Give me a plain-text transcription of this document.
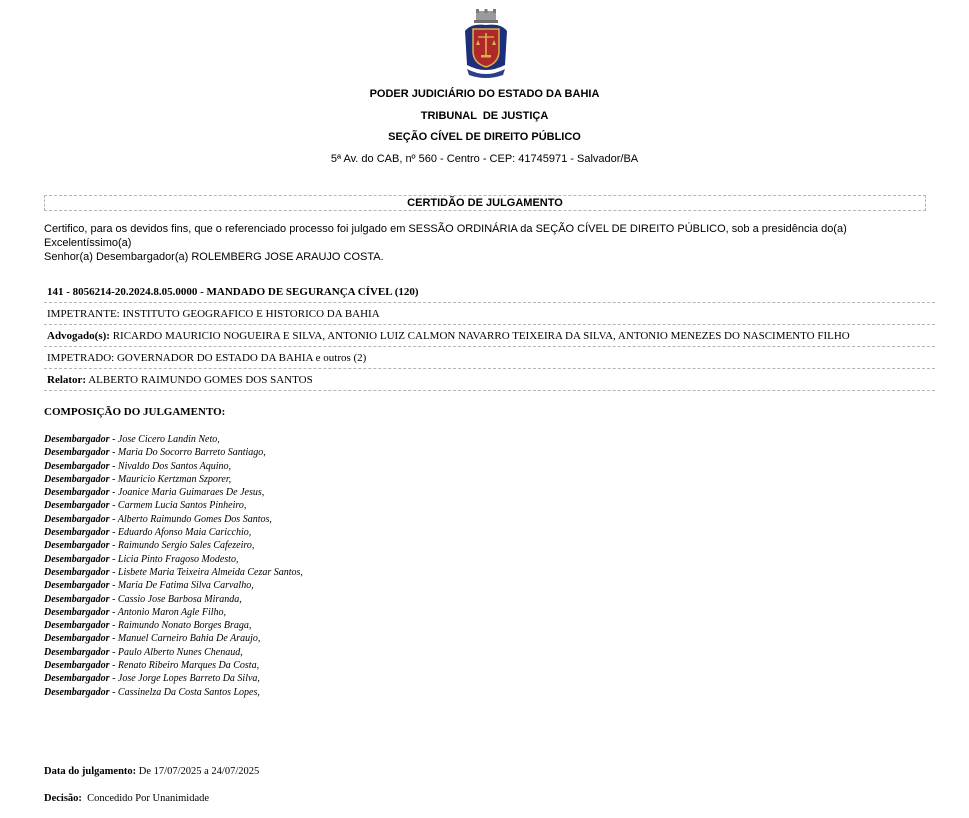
PODER JUDICIÁRIO DO ESTADO DA BAHIA
TRIBUNAL  DE JUSTIÇA
SEÇÃO CÍVEL DE DIREITO PÚBLICO
5ª Av. do CAB, nº 560 - Centro - CEP: 41745971 - Salvador/BA
CERTIDÃO DE JULGAMENTO
Certifico, para os devidos fins, que o referenciado processo foi julgado em SESSÃO ORDINÁRIA da SEÇÃO CÍVEL DE DIREITO PÚBLICO, sob a presidência do(a) Excelentíssimo(a)
Senhor(a) Desembargador(a) ROLEMBERG JOSE ARAUJO COSTA.
141 - 8056214-20.2024.8.05.0000 - MANDADO DE SEGURANÇA CÍVEL (120)
IMPETRANTE: INSTITUTO GEOGRAFICO E HISTORICO DA BAHIA
Advogado(s): RICARDO MAURICIO NOGUEIRA E SILVA, ANTONIO LUIZ CALMON NAVARRO TEIXEIRA DA SILVA, ANTONIO MENEZES DO NASCIMENTO FILHO
IMPETRADO: GOVERNADOR DO ESTADO DA BAHIA e outros (2)
Relator: ALBERTO RAIMUNDO GOMES DOS SANTOS
COMPOSIÇÃO DO JULGAMENTO:
Desembargador - Jose Cicero Landin Neto,
Desembargador - Maria Do Socorro Barreto Santiago,
Desembargador - Nivaldo Dos Santos Aquino,
Desembargador - Mauricio Kertzman Szporer,
Desembargador - Joanice Maria Guimaraes De Jesus,
Desembargador - Carmem Lucia Santos Pinheiro,
Desembargador - Alberto Raimundo Gomes Dos Santos,
Desembargador - Eduardo Afonso Maia Caricchio,
Desembargador - Raimundo Sergio Sales Cafezeiro,
Desembargador - Licia Pinto Fragoso Modesto,
Desembargador - Lisbete Maria Teixeira Almeida Cezar Santos,
Desembargador - Maria De Fatima Silva Carvalho,
Desembargador - Cassio Jose Barbosa Miranda,
Desembargador - Antonio Maron Agle Filho,
Desembargador - Raimundo Nonato Borges Braga,
Desembargador - Manuel Carneiro Bahia De Araujo,
Desembargador - Paulo Alberto Nunes Chenaud,
Desembargador - Renato Ribeiro Marques Da Costa,
Desembargador - Jose Jorge Lopes Barreto Da Silva,
Desembargador - Cassinelza Da Costa Santos Lopes,
Data do julgamento: De 17/07/2025 a 24/07/2025
Decisão:  Concedido Por Unanimidade
